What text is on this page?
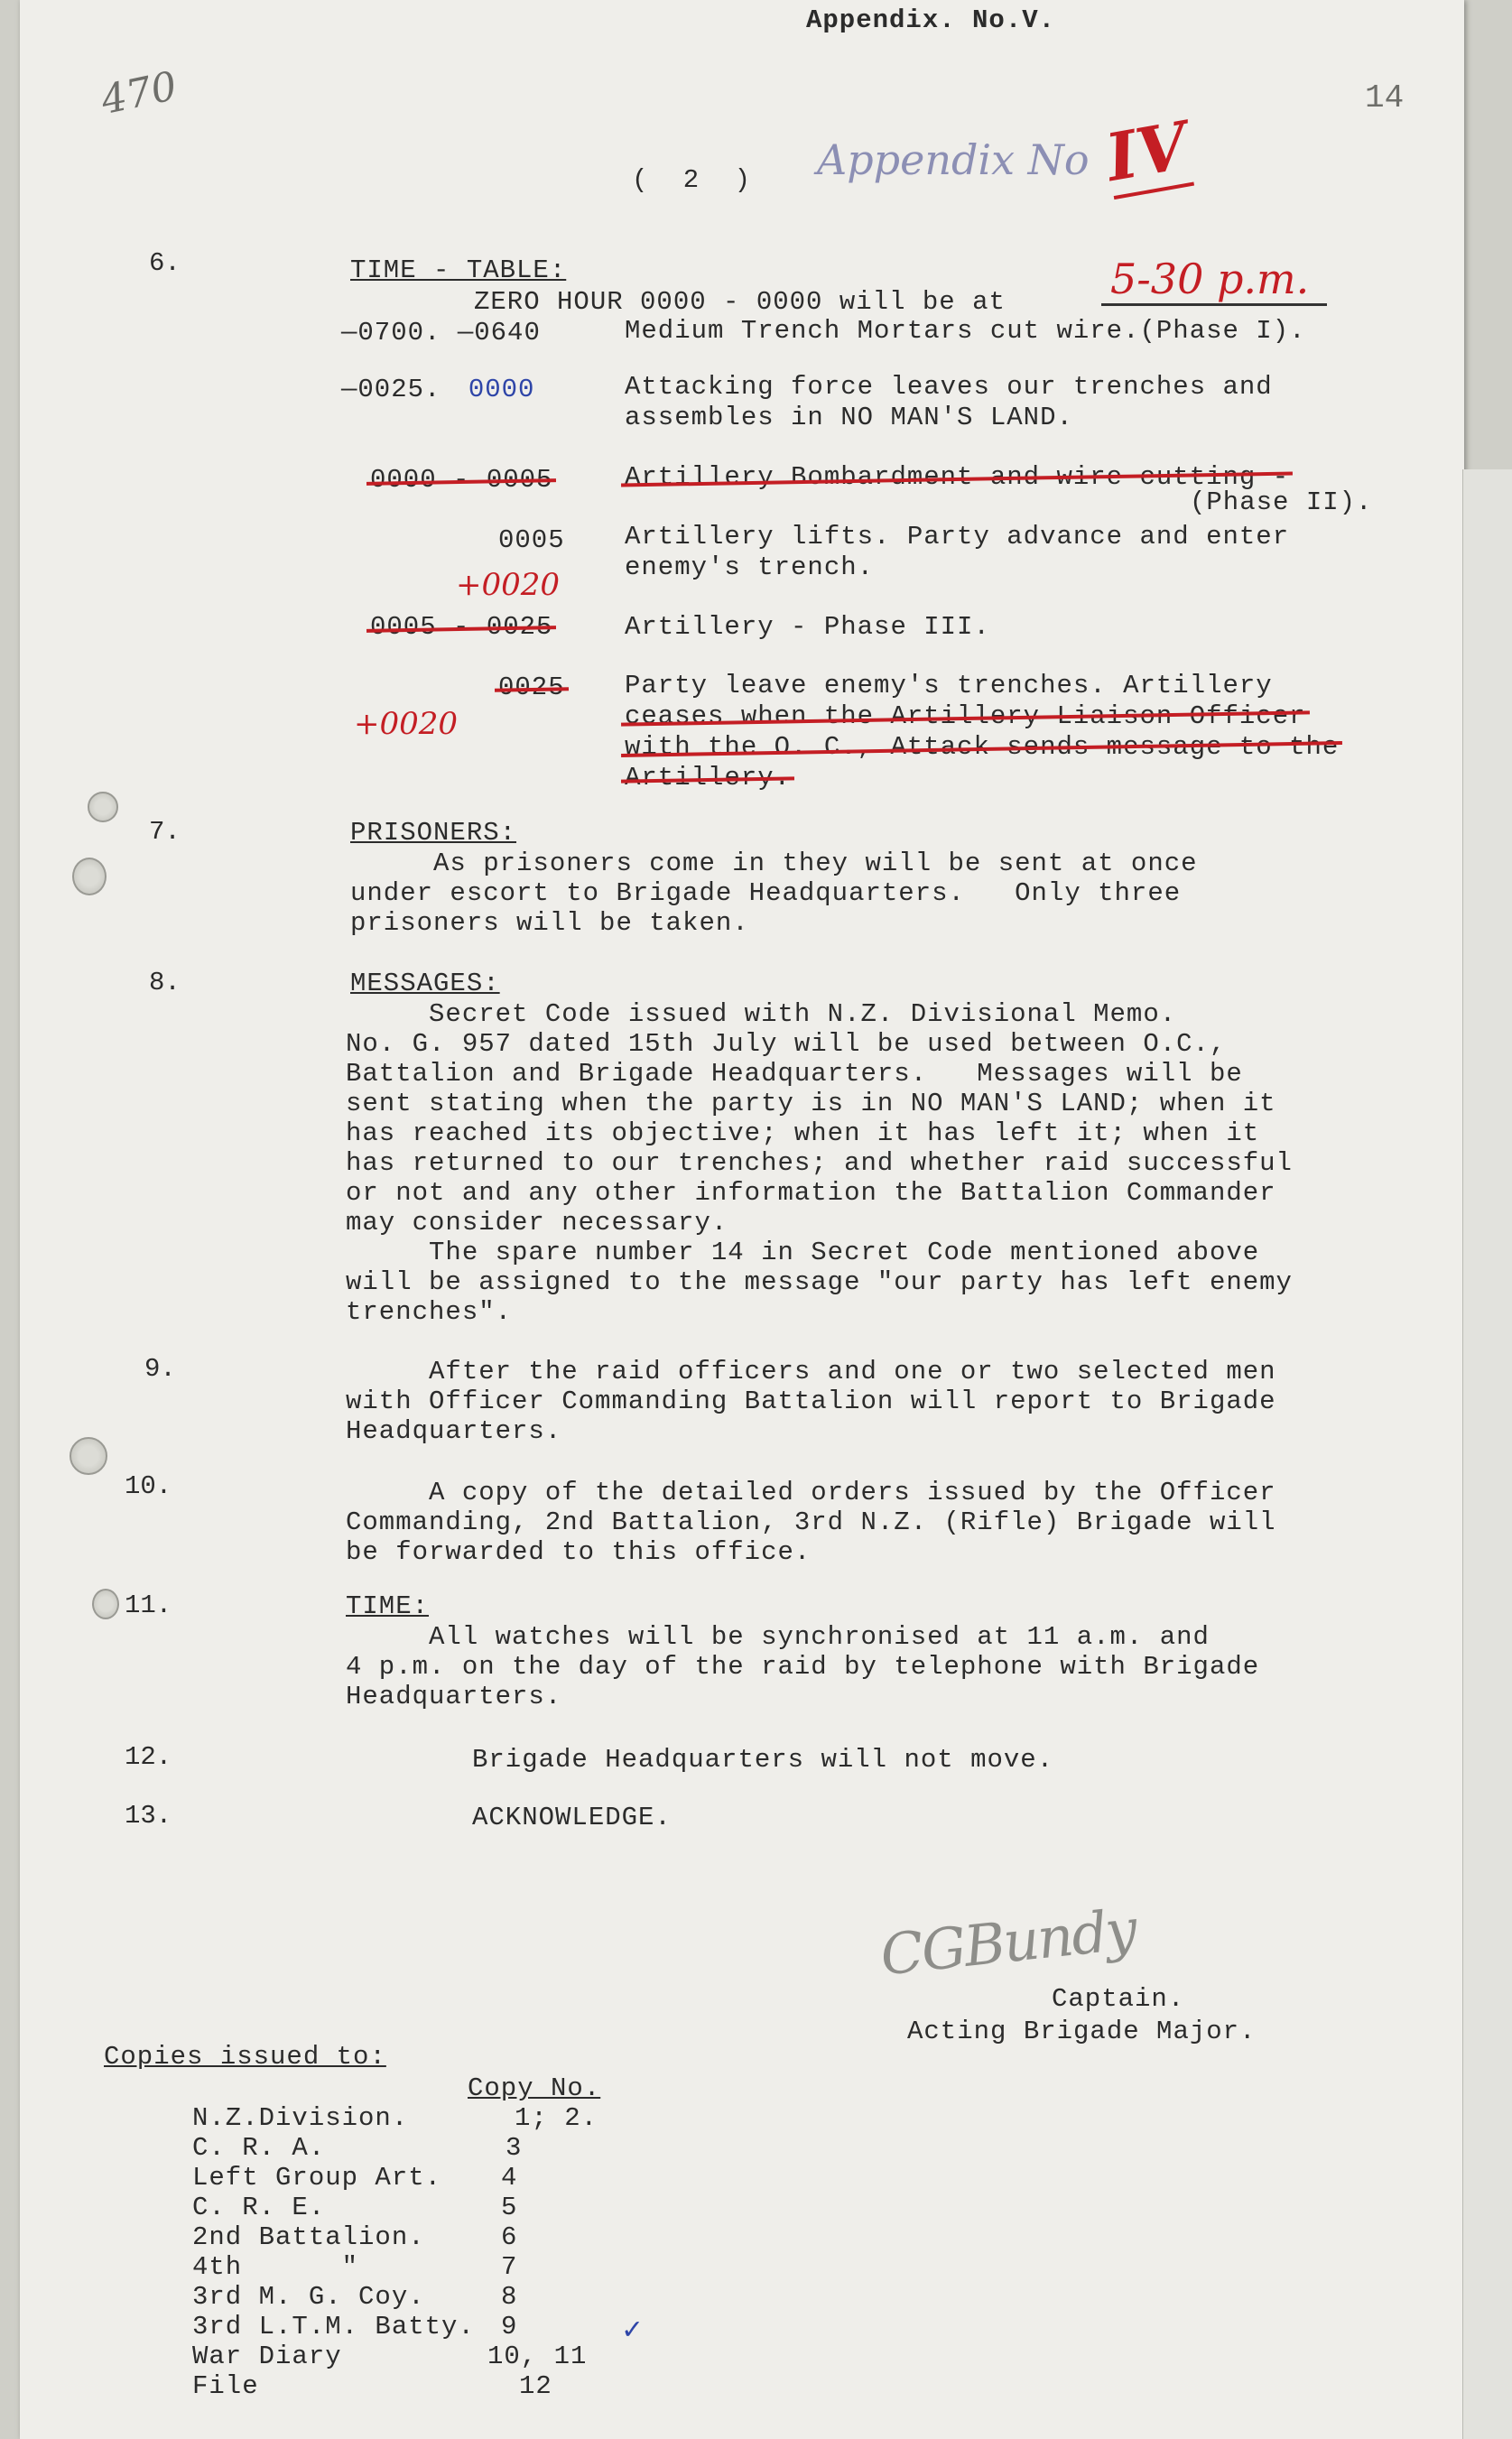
Appendix. No.V.
470	14
Appendix No IV
( 2 )
6.	TIME - TABLE:
ZERO HOUR 0000 - 0000 will be at	5-30 p.m.
—0700. —0640	Medium Trench Mortars cut wire.(Phase I).
—0025. 0000	Attacking force leaves our trenches and
assembles in NO MAN'S LAND.
0000 - 0005	Artillery Bombardment and wire cutting -
(Phase II).
0005 Artillery lifts. Party advance and enter
enemy's trench.
+0020
0005 - 0025	Artillery - Phase III.
+0020
0025 Party leave enemy's trenches. Artillery
ceases when the Artillery Liaison Officer
with the O. C., Attack sends message to the
Artillery.
7.	PRISONERS:
As prisoners come in they will be sent at once
under escort to Brigade Headquarters.   Only three
prisoners will be taken.
8.	MESSAGES:
Secret Code issued with N.Z. Divisional Memo.
No. G. 957 dated 15th July will be used between O.C.,
Battalion and Brigade Headquarters.   Messages will be
sent stating when the party is in NO MAN'S LAND; when it
has reached its objective; when it has left it; when it
has returned to our trenches; and whether raid successful
or not and any other information the Battalion Commander
may consider necessary.
The spare number 14 in Secret Code mentioned above
will be assigned to the message "our party has left enemy
trenches".
9.	After the raid officers and one or two selected men
with Officer Commanding Battalion will report to Brigade
Headquarters.
10.	A copy of the detailed orders issued by the Officer
Commanding, 2nd Battalion, 3rd N.Z. (Rifle) Brigade will
be forwarded to this office.
11.	TIME:
All watches will be synchronised at 11 a.m. and
4 p.m. on the day of the raid by telephone with Brigade
Headquarters.
12.	Brigade Headquarters will not move.
13.	ACKNOWLEDGE.
CGBundy
Captain.
Acting Brigade Major.
Copies issued to:
Copy No.
N.Z.Division.	1; 2.
C. R. A.	3
Left Group Art. 4
C. R. E.	5
2nd Battalion.	6
4th      "	7
3rd M. G. Coy.	8
3rd L.T.M. Batty. 9
War Diary	10, 11
File	12
✓
